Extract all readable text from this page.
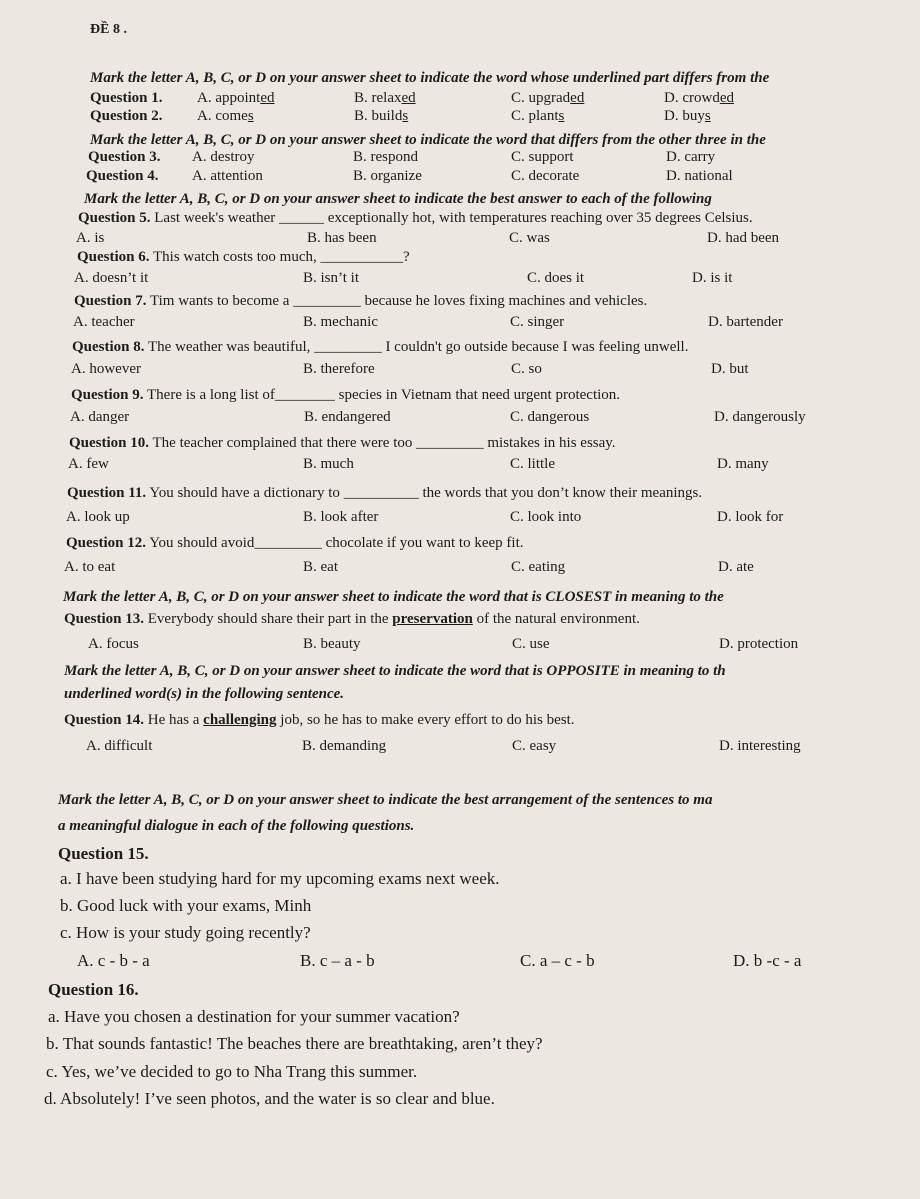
ĐỀ 8 .
Mark the letter A, B, C, or D on your answer sheet to indicate the word whose underlined part differs from the
Question 1. A. appointed	B. relaxed	C. upgraded	D. crowded
Question 2. A. comes	B. builds	C. plants	D. buys
Mark the letter A, B, C, or D on your answer sheet to indicate the word that differs from the other three in the
Question 3. A. destroy	B. respond	C. support	D. carry
Question 4. A. attention	B. organize	C. decorate	D. national
Mark the letter A, B, C, or D on your answer sheet to indicate the best answer to each of the following
Question 5. Last week's weather ______ exceptionally hot, with temperatures reaching over 35 degrees Celsius.
A. is	B. has been	C. was	D. had been
Question 6. This watch costs too much, ___________?
A. doesn’t it	B. isn’t it	C. does it	D. is it
Question 7. Tim wants to become a _________ because he loves fixing machines and vehicles.
A. teacher	B. mechanic	C. singer	D. bartender
Question 8. The weather was beautiful, _________ I couldn't go outside because I was feeling unwell.
A. however	B. therefore	C. so	D. but
Question 9. There is a long list of________ species in Vietnam that need urgent protection.
A. danger	B. endangered	C. dangerous	D. dangerously
Question 10. The teacher complained that there were too _________ mistakes in his essay.
A. few	B. much	C. little	D. many
Question 11. You should have a dictionary to __________ the words that you don’t know their meanings.
A. look up	B. look after	C. look into	D. look for
Question 12. You should avoid_________ chocolate if you want to keep fit.
A. to eat	B. eat	C. eating	D. ate
Mark the letter A, B, C, or D on your answer sheet to indicate the word that is CLOSEST in meaning to the
Question 13. Everybody should share their part in the preservation of the natural environment.
A. focus	B. beauty	C. use	D. protection
Mark the letter A, B, C, or D on your answer sheet to indicate the word that is OPPOSITE in meaning to th
underlined word(s) in the following sentence.
Question 14. He has a challenging job, so he has to make every effort to do his best.
A. difficult	B. demanding	C. easy	D. interesting
Mark the letter A, B, C, or D on your answer sheet to indicate the best arrangement of the sentences to ma
a meaningful dialogue in each of the following questions.
Question 15.
a. I have been studying hard for my upcoming exams next week.
b. Good luck with your exams, Minh
c. How is your study going recently?
A. c - b - a	B. c – a - b	C. a – c - b	D. b -c - a
Question 16.
a. Have you chosen a destination for your summer vacation?
b. That sounds fantastic! The beaches there are breathtaking, aren’t they?
c. Yes, we’ve decided to go to Nha Trang this summer.
d. Absolutely! I’ve seen photos, and the water is so clear and blue.
